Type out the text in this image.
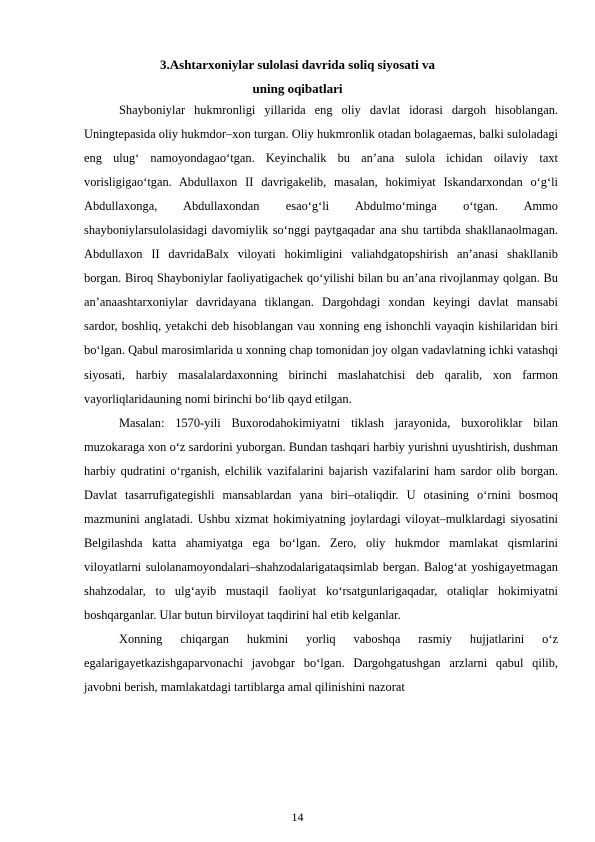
3.Ashtarxoniylar sulolasi davrida soliq siyosati va
uning oqibatlari

Shayboniylar hukmronligi yillarida eng oliy davlat idorasi dargoh hisoblangan. Uningtepasida oliy hukmdor–xon turgan. Oliy hukmronlik otadan bolagaemas, balki suloladagi eng ulug‘ namoyondagao‘tgan. Keyinchalik bu an’ana sulola ichidan oilaviy taxt vorisligigao‘tgan. Abdullaxon II davrigakelib, masalan, hokimiyat Iskandarxondan o‘g‘li Abdullaxonga, Abdullaxondan esao‘g‘li Abdulmo‘minga o‘tgan. Ammo shayboniylarsulolasidagi davomiylik so‘nggi paytgaqadar ana shu tartibda shakllanaolmagan. Abdullaxon II davridaBalx viloyati hokimligini valiahdgatopshirish an’anasi shakllanib borgan. Biroq Shayboniylar faoliyatigachek qo‘yilishi bilan bu an’ana rivojlanmay qolgan. Bu an’anaashtarxoniylar davridayana tiklangan. Dargohdagi xondan keyingi davlat mansabi sardor, boshliq, yetakchi deb hisoblangan vau xonning eng ishonchli vayaqin kishilaridan biri bo‘lgan. Qabul marosimlarida u xonning chap tomonidan joy olgan vadavlatning ichki vatashqi siyosati, harbiy masalalardaxonning birinchi maslahatchisi deb qaralib, xon farmon vayorliqlaridauning nomi birinchi bo‘lib qayd etilgan.

Masalan: 1570-yili Buxorodahokimiyatni tiklash jarayonida, buxoroliklar bilan muzokaraga xon o‘z sardorini yuborgan. Bundan tashqari harbiy yurishni uyushtirish, dushman harbiy qudratini o‘rganish, elchilik vazifalarini bajarish vazifalarini ham sardor olib borgan. Davlat tasarrufigategishli mansablardan yana biri–otaliqdir. U otasining o‘rnini bosmoq mazmunini anglatadi. Ushbu xizmat hokimiyatning joylardagi viloyat–mulklardagi siyosatini Belgilashda katta ahamiyatga ega bo‘lgan. Zero, oliy hukmdor mamlakat qismlarini viloyatlarni sulolanamoyondalari–shahzodalarigataqsimlab bergan. Balog‘at yoshigayetmagan shahzodalar, to ulg‘ayib mustaqil faoliyat ko‘rsatgunlarigaqadar, otaliqlar hokimiyatni boshqarganlar. Ular butun birviloyat taqdirini hal etib kelganlar.

Xonning chiqargan hukmini yorliq vaboshqa rasmiy hujjatlarini o‘z egalarigayetkazishgaparvonachi javobgar bo‘lgan. Dargohgatushgan arzlarni qabul qilib, javobni berish, mamlakatdagi tartiblarga amal qilinishini nazorat

14
